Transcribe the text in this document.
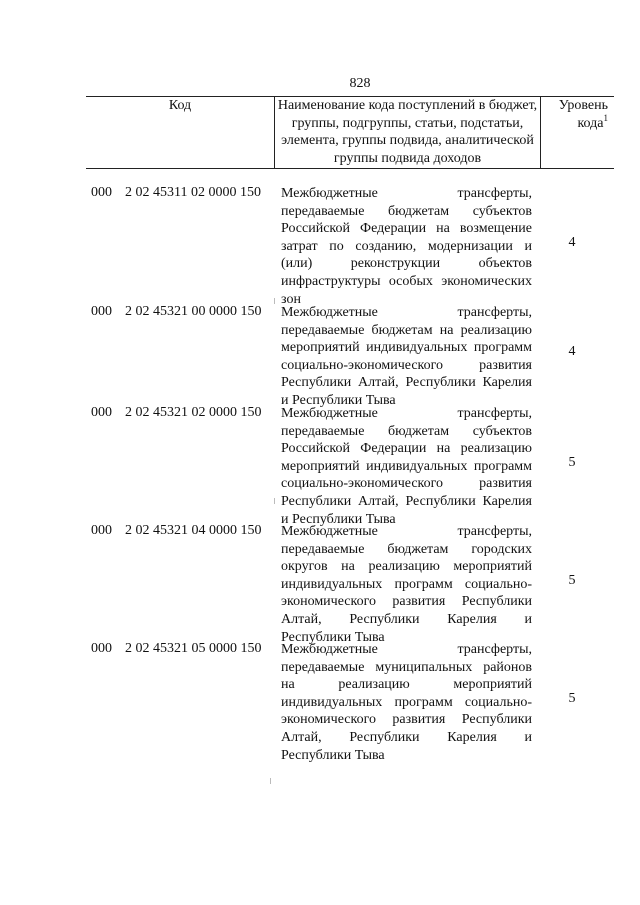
828
Код	Наименование кода поступлений в бюджет, группы, подгруппы, статьи, подстатьи, элемента, группы подвида, аналитической группы подвида доходов
Уровень кода$^1$
000 2 02 45311 02 0000 150 Межбюджетные трансферты, передаваемые бюджетам субъектов Российской Федерации на возмещение затрат по созданию, модернизации и (или) реконструкции объектов инфраструктуры особых экономических зон
4
000 2 02 45321 00 0000 150 Межбюджетные трансферты, передаваемые бюджетам на реализацию мероприятий индивидуальных программ социально-экономического развития Республики Алтай, Республики Карелия и Республики Тыва
4
000 2 02 45321 02 0000 150 Межбюджетные трансферты, передаваемые бюджетам субъектов Российской Федерации на реализацию мероприятий индивидуальных программ социально-экономического развития Республики Алтай, Республики Карелия и Республики Тыва
5
000 2 02 45321 04 0000 150 Межбюджетные трансферты, передаваемые бюджетам городских округов на реализацию мероприятий индивидуальных программ социально-экономического развития Республики Алтай, Республики Карелия и Республики Тыва
5
000 2 02 45321 05 0000 150 Межбюджетные трансферты, передаваемые муниципальных районов на реализацию мероприятий индивидуальных программ социально-экономического развития Республики Алтай, Республики Карелия и Республики Тыва
5
